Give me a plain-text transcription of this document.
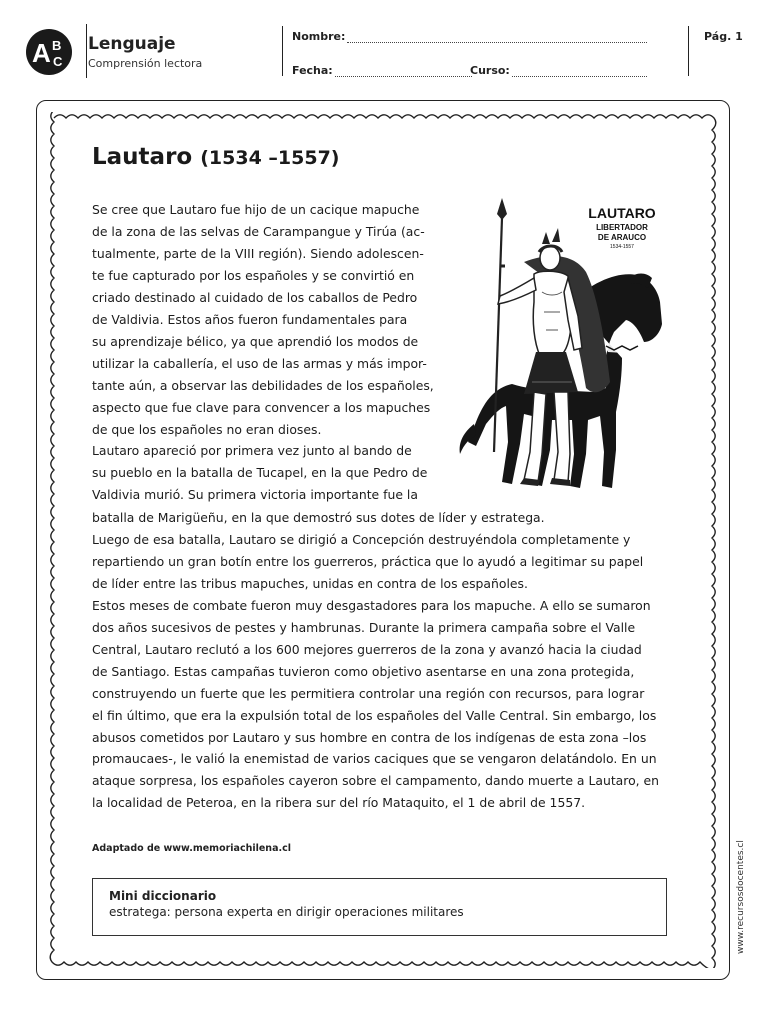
A B
C
Lenguaje
Comprensión lectora
Nombre:
Fecha:	Curso:
Pág. 1
Lautaro (1534 –1557)
Se cree que Lautaro fue hijo de un cacique mapuche
de la zona de las selvas de Carampangue y Tirúa (ac-
tualmente, parte de la VIII región). Siendo adolescen-
te fue capturado por los españoles y se convirtió en
criado destinado al cuidado de los caballos de Pedro
de Valdivia. Estos años fueron fundamentales para
su aprendizaje bélico, ya que aprendió los modos de
utilizar la caballería, el uso de las armas y más impor-
tante aún, a observar las debilidades de los españoles,
aspecto que fue clave para convencer a los mapuches
de que los españoles no eran dioses.
Lautaro apareció por primera vez junto al bando de
su pueblo en la batalla de Tucapel, en la que Pedro de
Valdivia murió. Su primera victoria importante fue la
batalla de Marigüeñu, en la que demostró sus dotes de líder y estratega.
Luego de esa batalla, Lautaro se dirigió a Concepción destruyéndola completamente y
repartiendo un gran botín entre los guerreros, práctica que lo ayudó a legitimar su papel
de líder entre las tribus mapuches, unidas en contra de los españoles.
Estos meses de combate fueron muy desgastadores para los mapuche. A ello se sumaron
dos años sucesivos de pestes y hambrunas. Durante la primera campaña sobre el Valle
Central, Lautaro reclutó a los 600 mejores guerreros de la zona y avanzó hacia la ciudad
de Santiago. Estas campañas tuvieron como objetivo asentarse en una zona protegida,
construyendo un fuerte que les permitiera controlar una región con recursos, para lograr
el fin último, que era la expulsión total de los españoles del Valle Central. Sin embargo, los
abusos cometidos por Lautaro y sus hombre en contra de los indígenas de esta zona –los
promaucaes-, le valió la enemistad de varios caciques que se vengaron delatándolo. En un
ataque sorpresa, los españoles cayeron sobre el campamento, dando muerte a Lautaro, en
la localidad de Peteroa, en la ribera sur del río Mataquito, el 1 de abril de 1557.
LAUTARO
LIBERTADOR
DE ARAUCO
1534-1557
Adaptado de www.memoriachilena.cl
Mini diccionario
estratega: persona experta en dirigir operaciones militares	www.recursosdocentes.cl
